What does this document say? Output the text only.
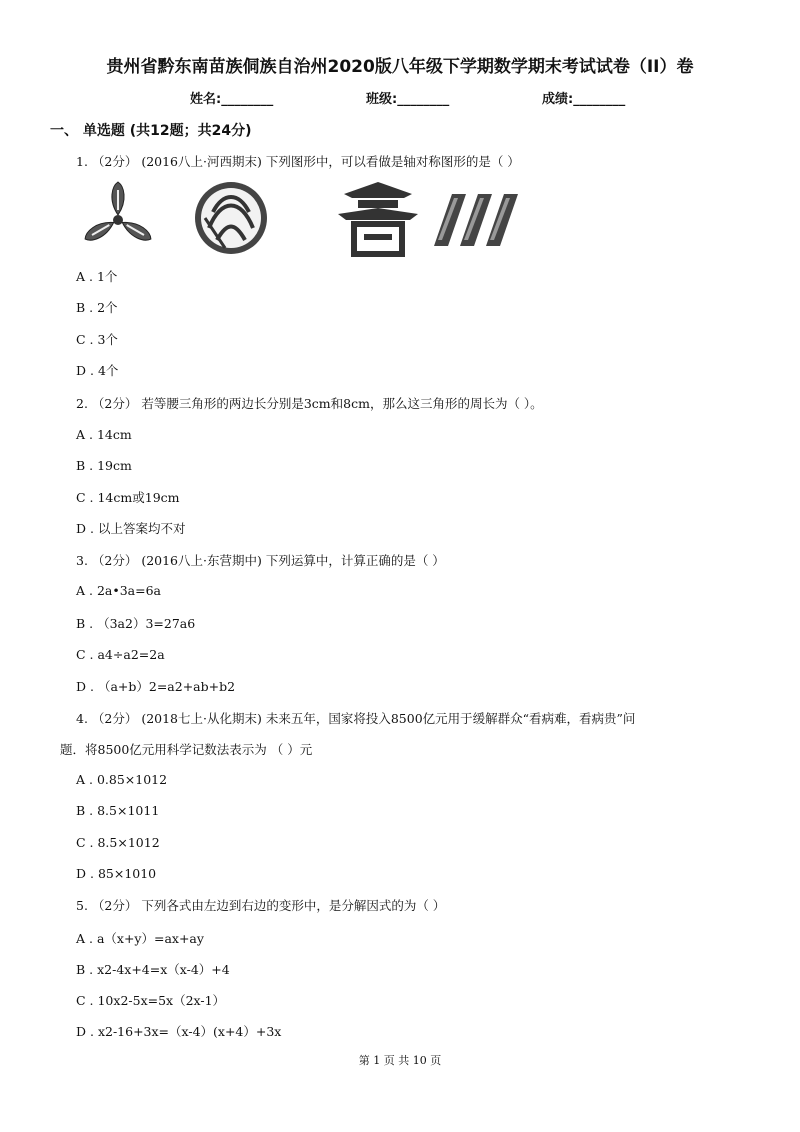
贵州省黔东南苗族侗族自治州2020版八年级下学期数学期末考试试卷（II）卷
姓名:________	班级:________	成绩:________
一、 单选题 (共12题；共24分)
1. （2分） (2016八上·河西期末) 下列图形中，可以看做是轴对称图形的是（ ）
A . 1个
B . 2个
C . 3个
D . 4个
2. （2分） 若等腰三角形的两边长分别是3cm和8cm，那么这三角形的周长为（ ）。
A . 14cm
B . 19cm
C . 14cm或19cm
D . 以上答案均不对
3. （2分） (2016八上·东营期中) 下列运算中，计算正确的是（ ）
A . 2a•3a=6a
B . （3a2）3=27a6
C . a4÷a2=2a
D . （a+b）2=a2+ab+b2
4. （2分） (2018七上·从化期末) 未来五年，国家将投入8500亿元用于缓解群众“看病难，看病贵”问
题．将8500亿元用科学记数法表示为 （ ）元
A . 0.85×1012
B . 8.5×1011
C . 8.5×1012
D . 85×1010
5. （2分） 下列各式由左边到右边的变形中，是分解因式的为（ ）
A . a（x+y）=ax+ay
B . x2-4x+4=x（x-4）+4
C . 10x2-5x=5x（2x-1）
D . x2-16+3x=（x-4）(x+4）+3x
第 1 页 共 10 页
